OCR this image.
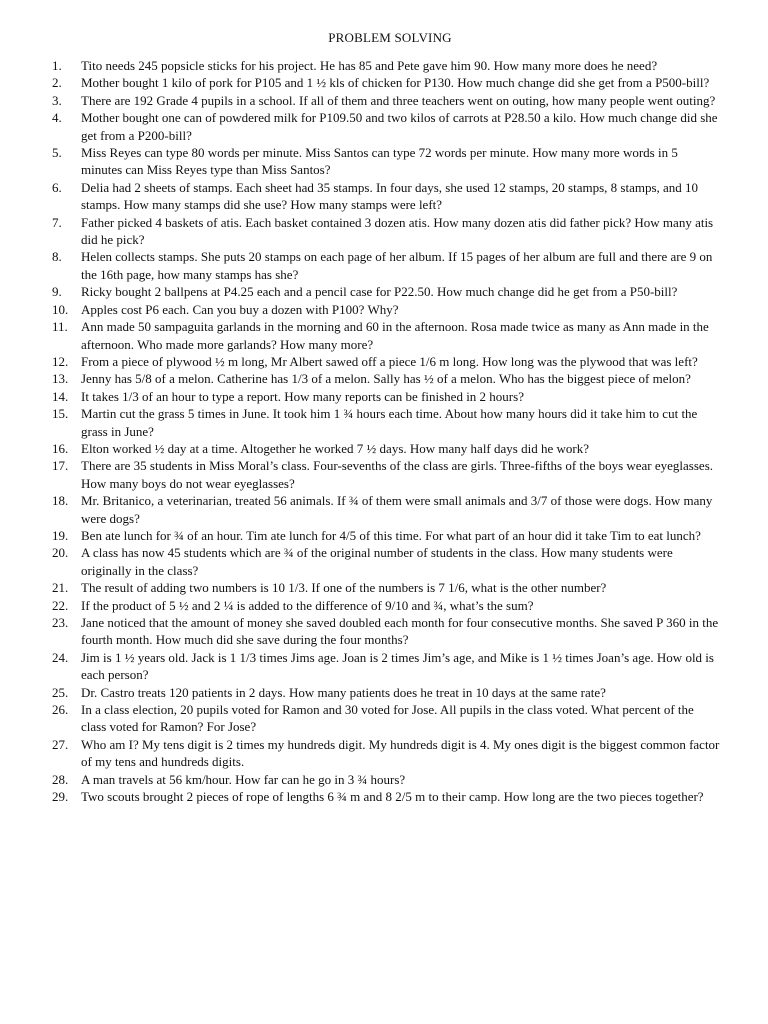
PROBLEM SOLVING
1.	Tito needs 245 popsicle sticks for his project. He has 85 and Pete gave him 90. How many more does he need?
2.	Mother bought 1 kilo of pork for P105 and 1 ½ kls of chicken for P130. How much change did she get from a P500-bill?
3.	There are 192 Grade 4 pupils in a school. If all of them and three teachers went on outing, how many people went outing?
4.	Mother bought one can of powdered milk for P109.50 and two kilos of carrots at P28.50 a kilo. How much change did she get from a P200-bill?
5.	Miss Reyes can type 80 words per minute. Miss Santos can type 72 words per minute. How many more words in 5 minutes can Miss Reyes type than Miss Santos?
6.	Delia had 2 sheets of stamps. Each sheet had 35 stamps. In four days, she used 12 stamps, 20 stamps, 8 stamps, and 10 stamps. How many stamps did she use? How many stamps were left?
7.	Father picked 4 baskets of atis. Each basket contained 3 dozen atis. How many dozen atis did father pick? How many atis did he pick?
8.	Helen collects stamps. She puts 20 stamps on each page of her album. If 15 pages of her album are full and there are 9 on the 16th page, how many stamps has she?
9.	Ricky bought 2 ballpens at P4.25 each and a pencil case for P22.50. How much change did he get from a P50-bill?
10. Apples cost P6 each. Can you buy a dozen with P100? Why?
11.	Ann made 50 sampaguita garlands in the morning and 60 in the afternoon. Rosa made twice as many as Ann made in the afternoon. Who made more garlands? How many more?
12. From a piece of plywood ½ m long, Mr Albert sawed off a piece 1/6 m long. How long was the plywood that was left?
13. Jenny has 5/8 of a melon. Catherine has 1/3 of a melon. Sally has ½ of a melon. Who has the biggest piece of melon?
14. It takes 1/3 of an hour to type a report. How many reports can be finished in 2 hours?
15. Martin cut the grass 5 times in June. It took him 1 ¾ hours each time. About how many hours did it take him to cut the grass in June?
16. Elton worked ½ day at a time. Altogether he worked 7 ½ days. How many half days did he work?
17. There are 35 students in Miss Moral’s class. Four-sevenths of the class are girls. Three-fifths of the boys wear eyeglasses. How many boys do not wear eyeglasses?
18. Mr. Britanico, a veterinarian, treated 56 animals. If ¾ of them were small animals and 3/7 of those were dogs. How many were dogs?
19. Ben ate lunch for ¾ of an hour. Tim ate lunch for 4/5 of this time. For what part of an hour did it take Tim to eat lunch?
20. A class has now 45 students which are ¾ of the original number of students in the class. How many students were originally in the class?
21. The result of adding two numbers is 10 1/3. If one of the numbers is 7 1/6, what is the other number?
22. If the product of 5 ½ and 2 ¼ is added to the difference of 9/10 and ¾, what’s the sum?
23. Jane noticed that the amount of money she saved doubled each month for four consecutive months. She saved P 360 in the fourth month. How much did she save during the four months?
24. Jim is 1 ½ years old. Jack is 1 1/3 times Jims age. Joan is 2 times Jim’s age, and Mike is 1 ½ times Joan’s age. How old is each person?
25. Dr. Castro treats 120 patients in 2 days. How many patients does he treat in 10 days at the same rate?
26. In a class election, 20 pupils voted for Ramon and 30 voted for Jose. All pupils in the class voted. What percent of the class voted for Ramon? For Jose?
27. Who am I? My tens digit is 2 times my hundreds digit. My hundreds digit is 4. My ones digit is the biggest common factor of my tens and hundreds digits.
28. A man travels at 56 km/hour. How far can he go in 3 ¾ hours?
29. Two scouts brought 2 pieces of rope of lengths 6 ¾ m and 8 2/5 m to their camp. How long are the two pieces together?
